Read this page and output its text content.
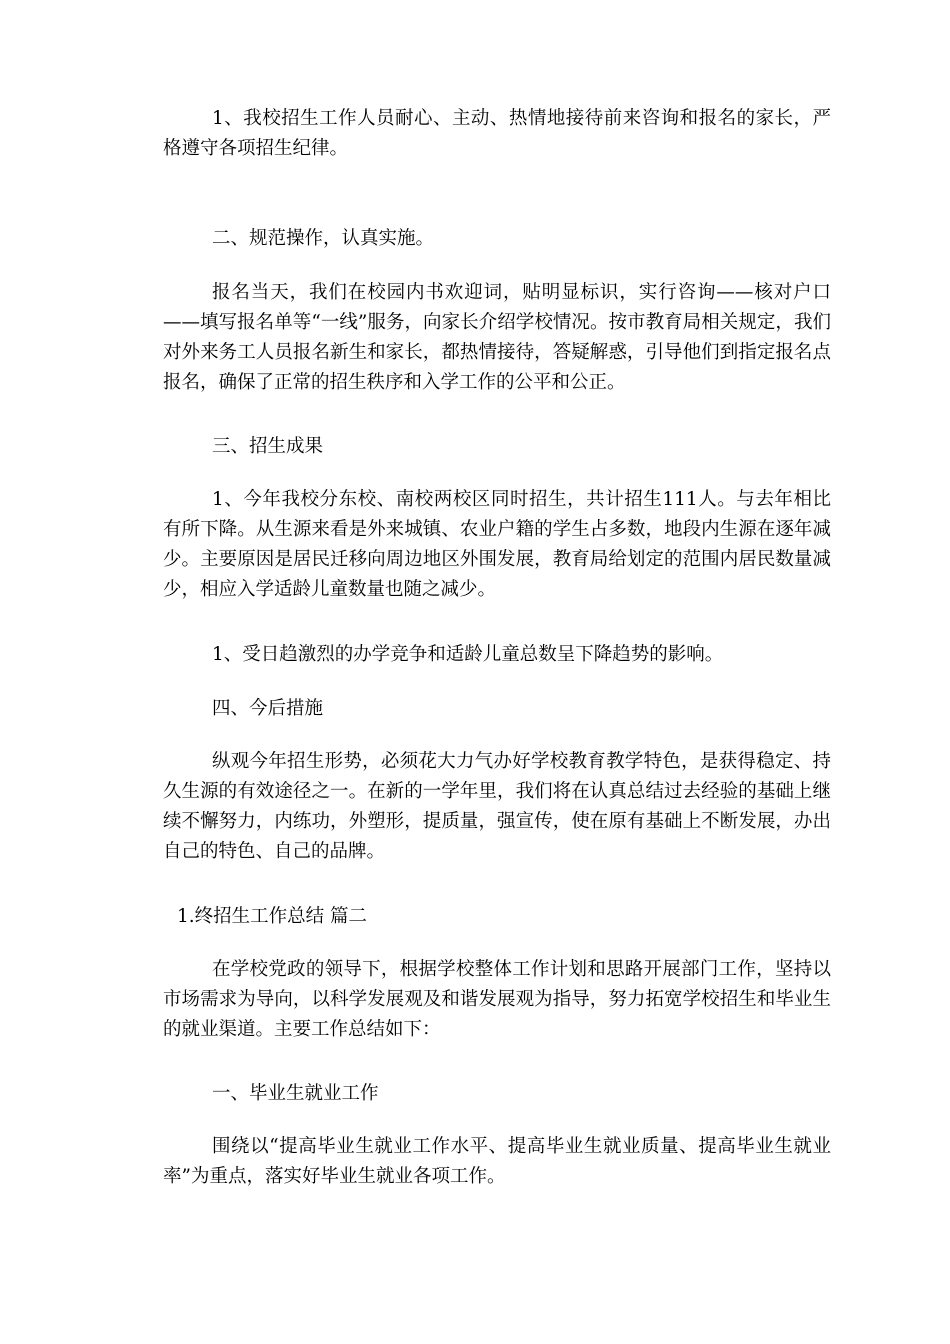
1、我校招生工作人员耐心、主动、热情地接待前来咨询和报名的家长，严格遵守各项招生纪律。

二、规范操作，认真实施。

报名当天，我们在校园内书欢迎词，贴明显标识，实行咨询——核对户口——填写报名单等“一线”服务，向家长介绍学校情况。按市教育局相关规定，我们对外来务工人员报名新生和家长，都热情接待，答疑解惑，引导他们到指定报名点报名，确保了正常的招生秩序和入学工作的公平和公正。

三、招生成果

1、今年我校分东校、南校两校区同时招生，共计招生111人。与去年相比有所下降。从生源来看是外来城镇、农业户籍的学生占多数，地段内生源在逐年减少。主要原因是居民迁移向周边地区外围发展，教育局给划定的范围内居民数量减少，相应入学适龄儿童数量也随之减少。

1、受日趋激烈的办学竞争和适龄儿童总数呈下降趋势的影响。

四、今后措施

纵观今年招生形势，必须花大力气办好学校教育教学特色，是获得稳定、持久生源的有效途径之一。在新的一学年里，我们将在认真总结过去经验的基础上继续不懈努力，内练功，外塑形，提质量，强宣传，使在原有基础上不断发展，办出自己的特色、自己的品牌。

1.终招生工作总结 篇二

在学校党政的领导下，根据学校整体工作计划和思路开展部门工作，坚持以市场需求为导向，以科学发展观及和谐发展观为指导，努力拓宽学校招生和毕业生的就业渠道。主要工作总结如下：

一、毕业生就业工作

围绕以“提高毕业生就业工作水平、提高毕业生就业质量、提高毕业生就业率”为重点，落实好毕业生就业各项工作。
